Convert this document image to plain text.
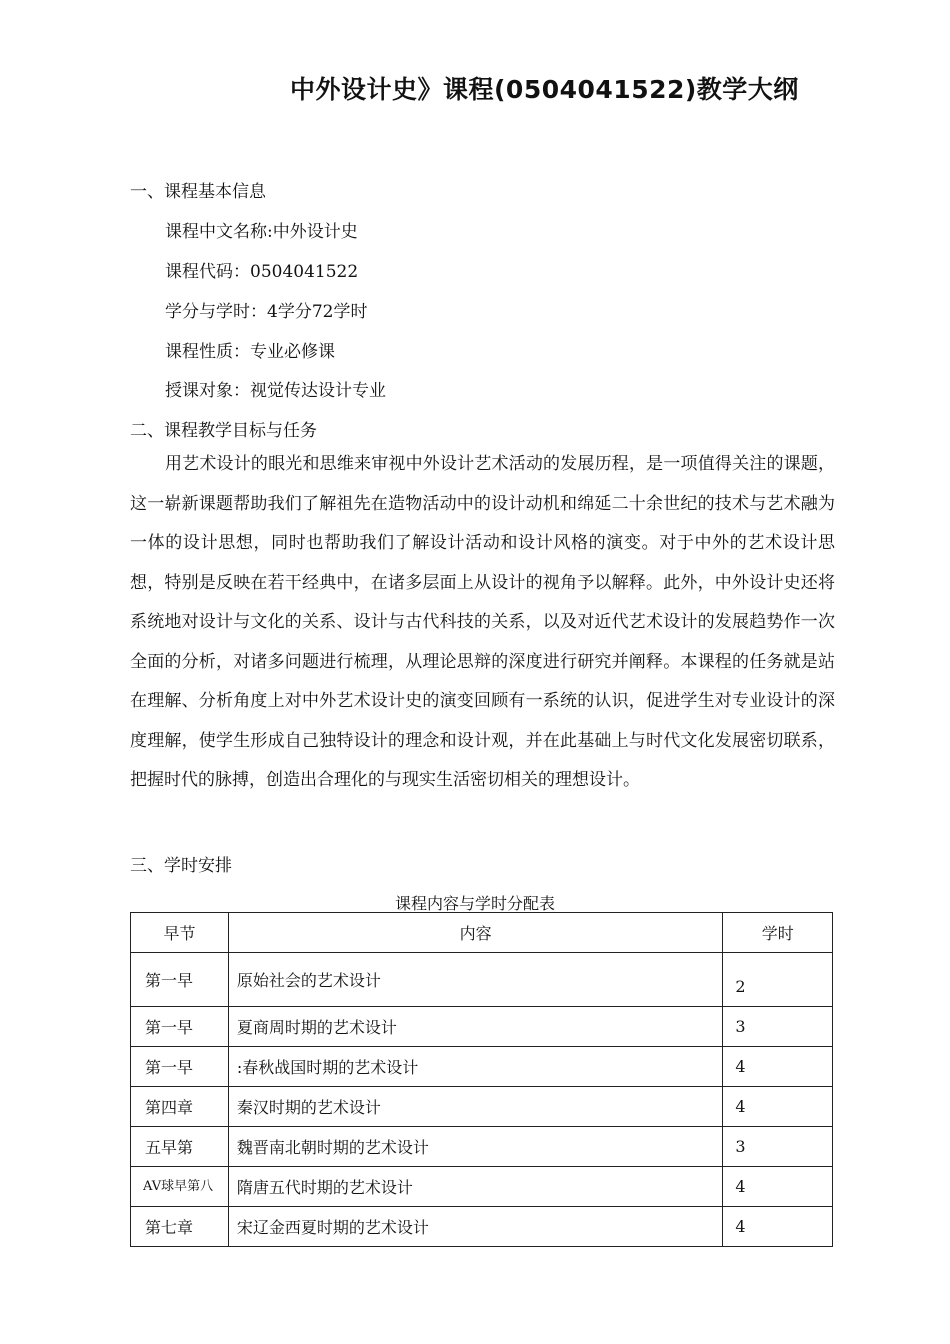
中外设计史》课程(0504041522)教学大纲
一、课程基本信息
课程中文名称:中外设计史
课程代码：0504041522
学分与学时：4学分72学时
课程性质：专业必修课
授课对象：视觉传达设计专业
二、课程教学目标与任务

用艺术设计的眼光和思维来审视中外设计艺术活动的发展历程，是一项值得关注的课题，这一崭新课题帮助我们了解祖先在造物活动中的设计动机和绵延二十余世纪的技术与艺术融为一体的设计思想，同时也帮助我们了解设计活动和设计风格的演变。对于中外的艺术设计思想，特别是反映在若干经典中，在诸多层面上从设计的视角予以解释。此外，中外设计史还将系统地对设计与文化的关系、设计与古代科技的关系，以及对近代艺术设计的发展趋势作一次全面的分析，对诸多问题进行梳理，从理论思辩的深度进行研究并阐释。本课程的任务就是站在理解、分析角度上对中外艺术设计史的演变回顾有一系统的认识，促进学生对专业设计的深度理解，使学生形成自己独特设计的理念和设计观，并在此基础上与时代文化发展密切联系，把握时代的脉搏，创造出合理化的与现实生活密切相关的理想设计。

三、学时安排
课程内容与学时分配表
早节	内容	学时
第一早	原始社会的艺术设计	2
第一早	夏商周时期的艺术设计	3
第一早	:春秋战国时期的艺术设计	4
第四章	秦汉时期的艺术设计	4
五早第	魏晋南北朝时期的艺术设计	3
AV球早第八	隋唐五代时期的艺术设计	4
第七章	宋辽金西夏时期的艺术设计	4
